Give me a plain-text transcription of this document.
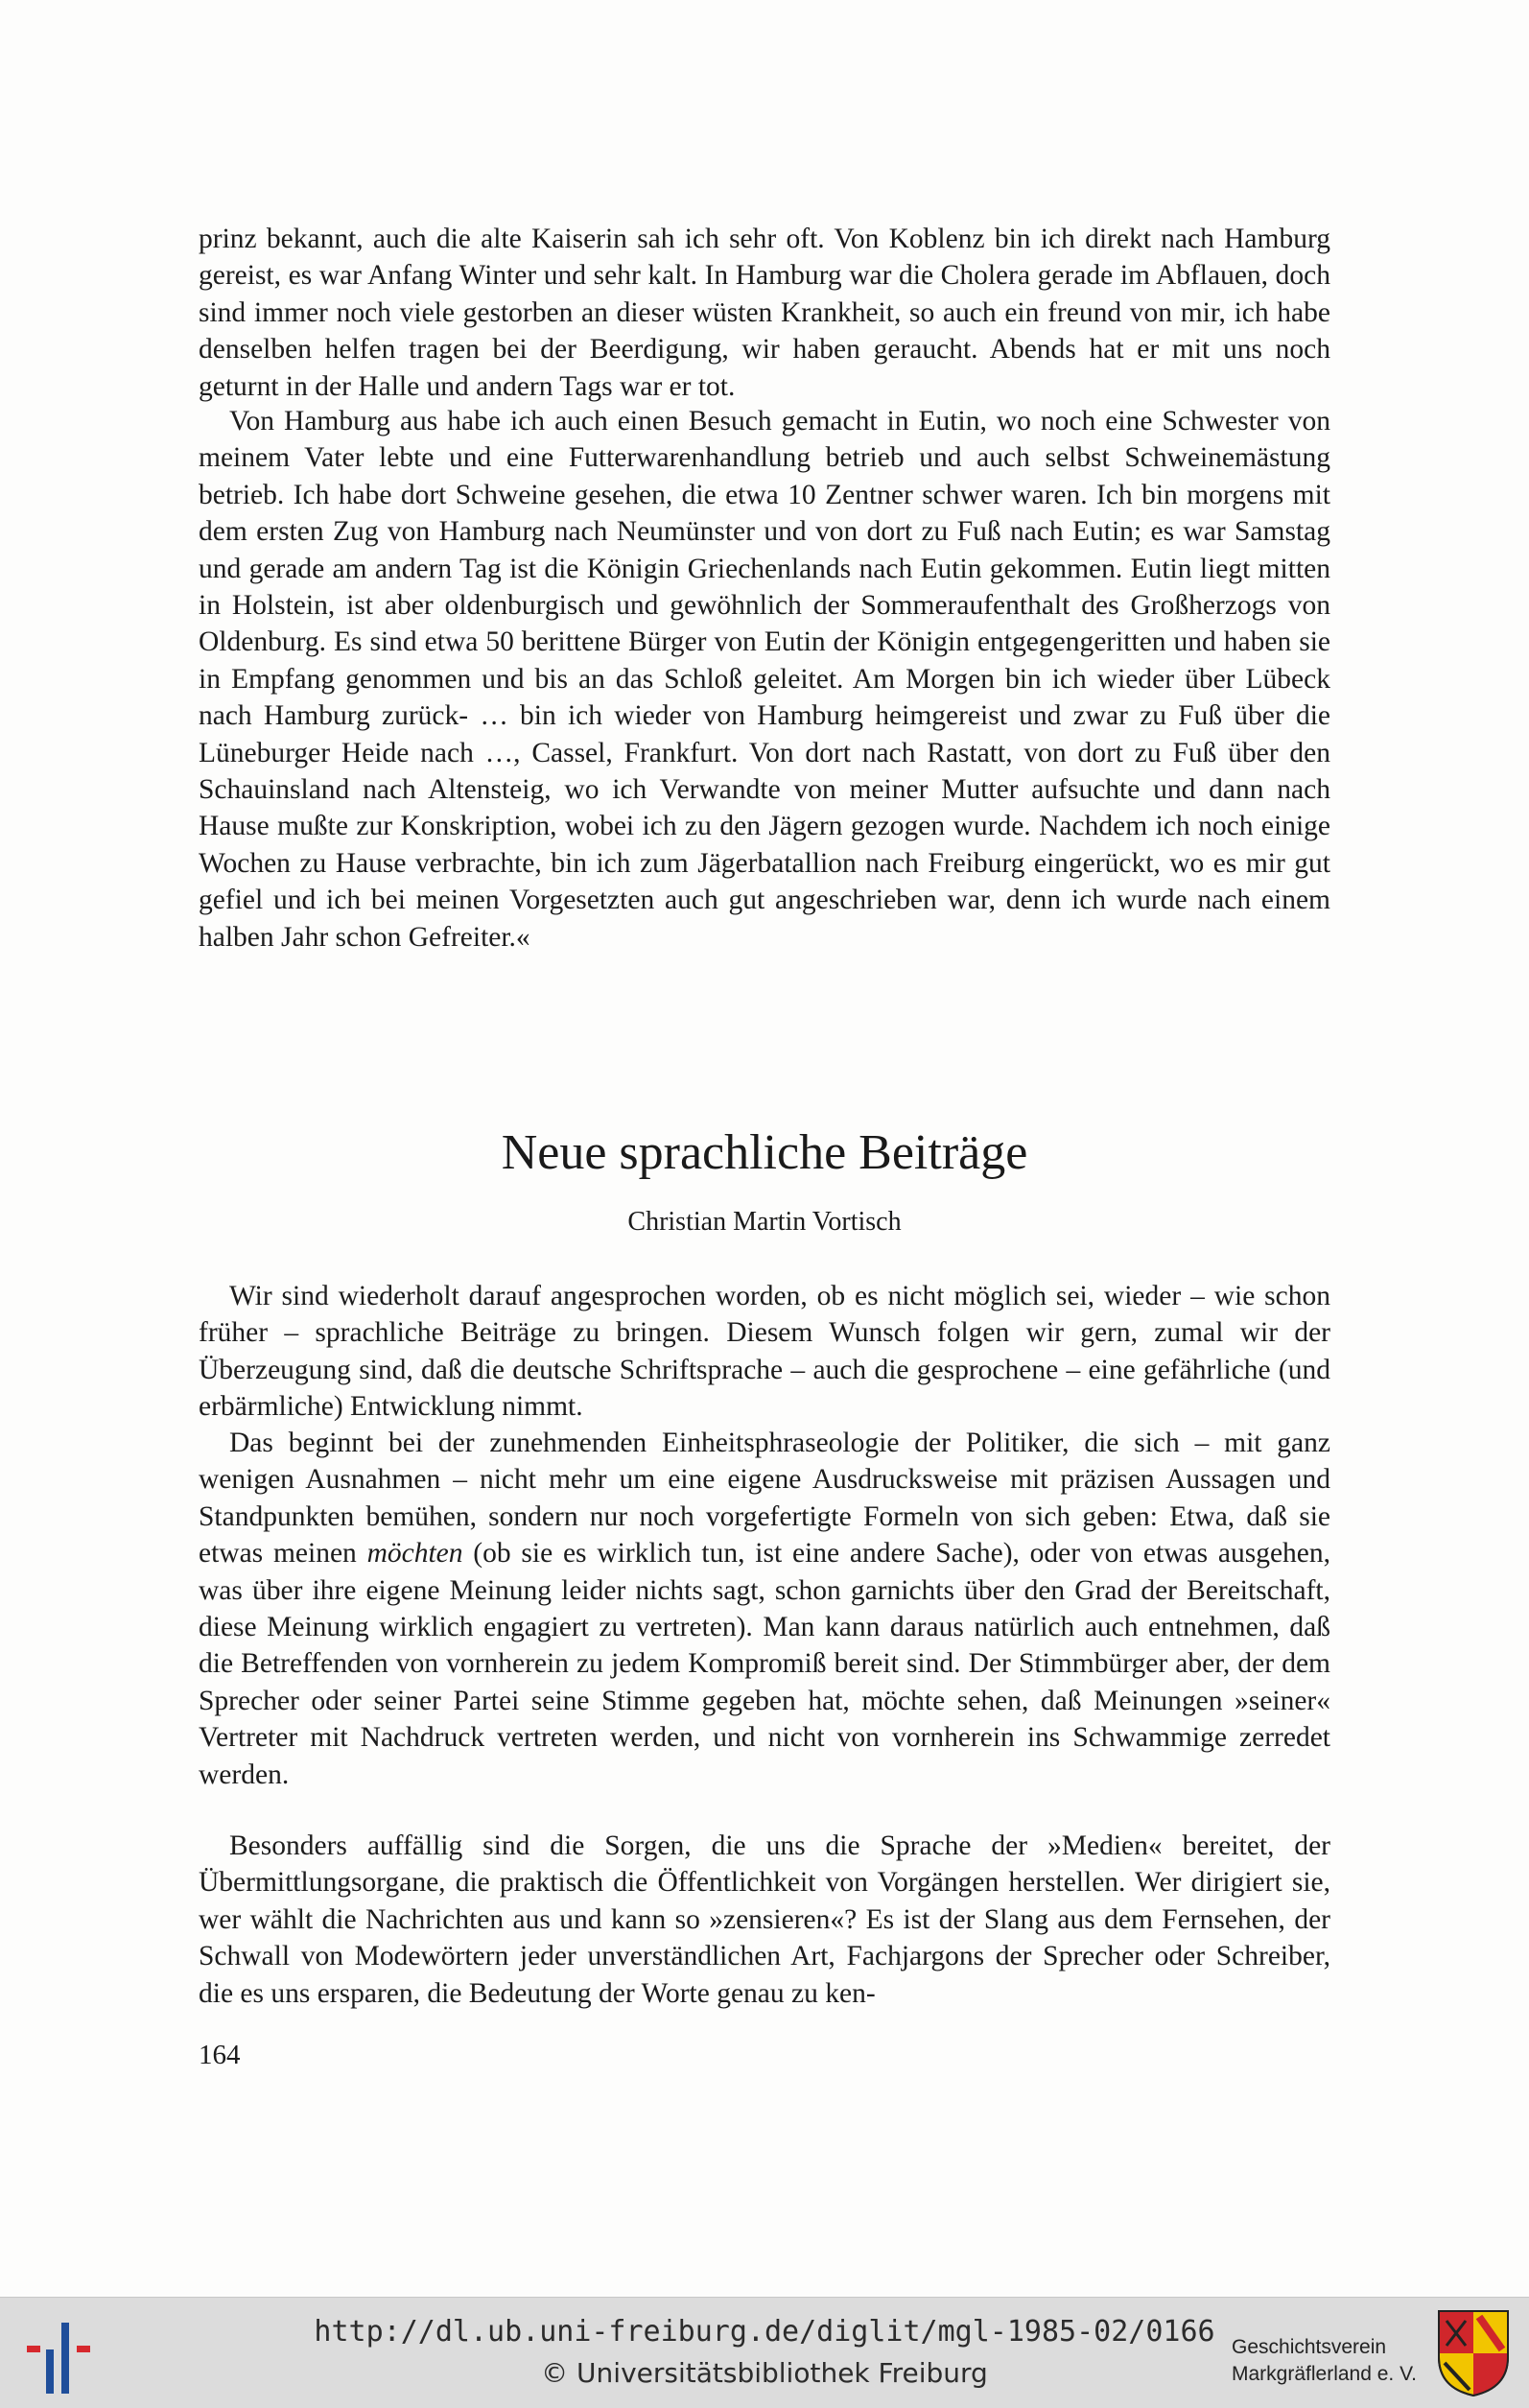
prinz bekannt, auch die alte Kaiserin sah ich sehr oft. Von Koblenz bin ich direkt nach Hamburg gereist, es war Anfang Winter und sehr kalt. In Hamburg war die Cholera gerade im Abflauen, doch sind immer noch viele gestorben an dieser wüsten Krankheit, so auch ein freund von mir, ich habe denselben helfen tragen bei der Beerdigung, wir haben geraucht. Abends hat er mit uns noch geturnt in der Halle und andern Tags war er tot.

Von Hamburg aus habe ich auch einen Besuch gemacht in Eutin, wo noch eine Schwester von meinem Vater lebte und eine Futterwarenhandlung betrieb und auch selbst Schweinemästung betrieb. Ich habe dort Schweine gesehen, die etwa 10 Zentner schwer waren. Ich bin morgens mit dem ersten Zug von Hamburg nach Neumünster und von dort zu Fuß nach Eutin; es war Samstag und gerade am andern Tag ist die Königin Griechenlands nach Eutin gekommen. Eutin liegt mitten in Holstein, ist aber oldenburgisch und gewöhnlich der Sommeraufenthalt des Großherzogs von Oldenburg. Es sind etwa 50 berittene Bürger von Eutin der Königin entgegengeritten und haben sie in Empfang genommen und bis an das Schloß geleitet. Am Morgen bin ich wieder über Lübeck nach Hamburg zurück- … bin ich wieder von Hamburg heimgereist und zwar zu Fuß über die Lüneburger Heide nach …, Cassel, Frankfurt. Von dort nach Rastatt, von dort zu Fuß über den Schauinsland nach Altensteig, wo ich Verwandte von meiner Mutter aufsuchte und dann nach Hause mußte zur Konskription, wobei ich zu den Jägern gezogen wurde. Nachdem ich noch einige Wochen zu Hause verbrachte, bin ich zum Jägerbatallion nach Freiburg eingerückt, wo es mir gut gefiel und ich bei meinen Vorgesetzten auch gut angeschrieben war, denn ich wurde nach einem halben Jahr schon Gefreiter.«

Neue sprachliche Beiträge
Christian Martin Vortisch

Wir sind wiederholt darauf angesprochen worden, ob es nicht möglich sei, wieder – wie schon früher – sprachliche Beiträge zu bringen. Diesem Wunsch folgen wir gern, zumal wir der Überzeugung sind, daß die deutsche Schriftsprache – auch die gesprochene – eine gefährliche (und erbärmliche) Entwicklung nimmt.

Das beginnt bei der zunehmenden Einheitsphraseologie der Politiker, die sich – mit ganz wenigen Ausnahmen – nicht mehr um eine eigene Ausdrucksweise mit präzisen Aussagen und Standpunkten bemühen, sondern nur noch vorgefertigte Formeln von sich geben: Etwa, daß sie etwas meinen möchten (ob sie es wirklich tun, ist eine andere Sache), oder von etwas ausgehen, was über ihre eigene Meinung leider nichts sagt, schon garnichts über den Grad der Bereitschaft, diese Meinung wirklich engagiert zu vertreten). Man kann daraus natürlich auch entnehmen, daß die Betreffenden von vornherein zu jedem Kompromiß bereit sind. Der Stimmbürger aber, der dem Sprecher oder seiner Partei seine Stimme gegeben hat, möchte sehen, daß Meinungen »seiner« Vertreter mit Nachdruck vertreten werden, und nicht von vornherein ins Schwammige zerredet werden.

Besonders auffällig sind die Sorgen, die uns die Sprache der »Medien« bereitet, der Übermittlungsorgane, die praktisch die Öffentlichkeit von Vorgängen herstellen. Wer dirigiert sie, wer wählt die Nachrichten aus und kann so »zensieren«? Es ist der Slang aus dem Fernsehen, der Schwall von Modewörtern jeder unverständlichen Art, Fachjargons der Sprecher oder Schreiber, die es uns ersparen, die Bedeutung der Worte genau zu ken-

164
http://dl.ub.uni-freiburg.de/diglit/mgl-1985-02/0166
© Universitätsbibliothek Freiburg
Geschichtsverein
Markgräflerland e. V.
